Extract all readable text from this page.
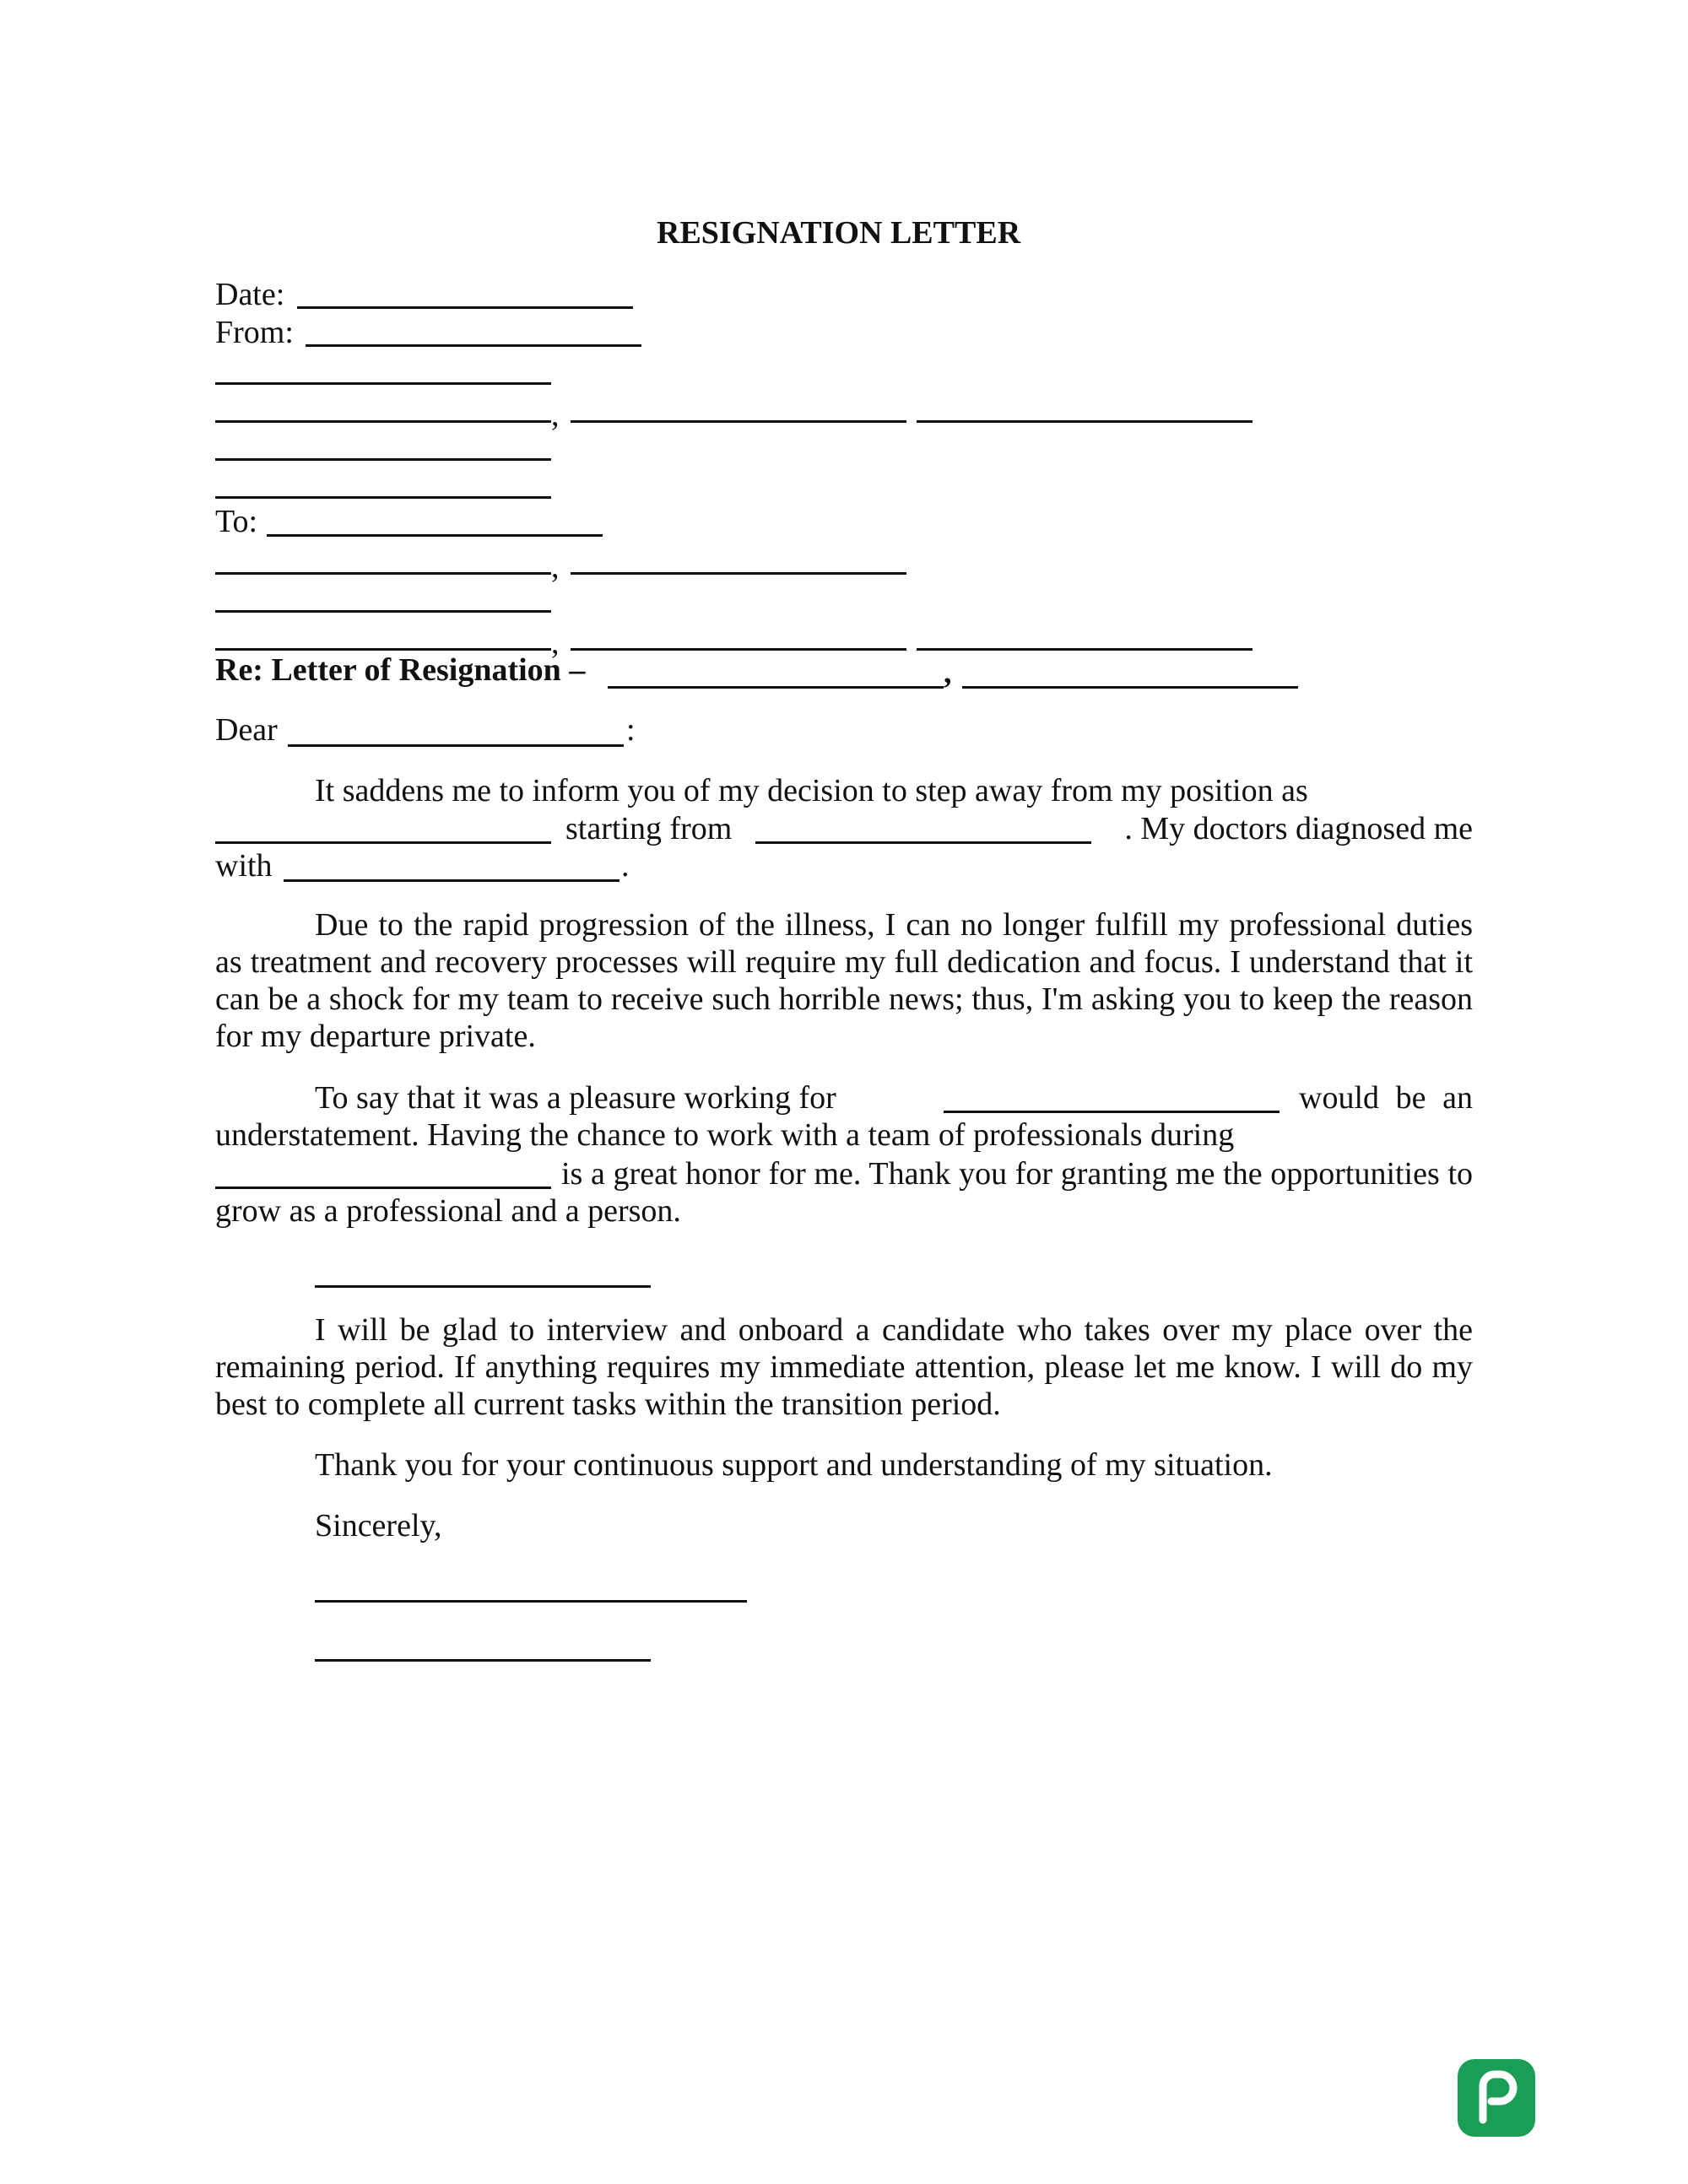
RESIGNATION LETTER
Date:
From:
,
To:
,
,
Re: Letter of Resignation –	,
Dear	:
It saddens me to inform you of my decision to step away from my position as
starting from	. My doctors diagnosed me
with	.

Due to the rapid progression of the illness, I can no longer fulfill my professional duties as treatment and recovery processes will require my full dedication and focus. I understand that it can be a shock for my team to receive such horrible news; thus, I'm asking you to keep the reason for my departure private.

To say that it was a pleasure working for	would be an understatement. Having the chance to work with a team of professionals during

is a great honor for me. Thank you for granting me the opportunities to grow as a professional and a person.

I will be glad to interview and onboard a candidate who takes over my place over the remaining period. If anything requires my immediate attention, please let me know. I will do my best to complete all current tasks within the transition period.

Thank you for your continuous support and understanding of my situation.
Sincerely,
